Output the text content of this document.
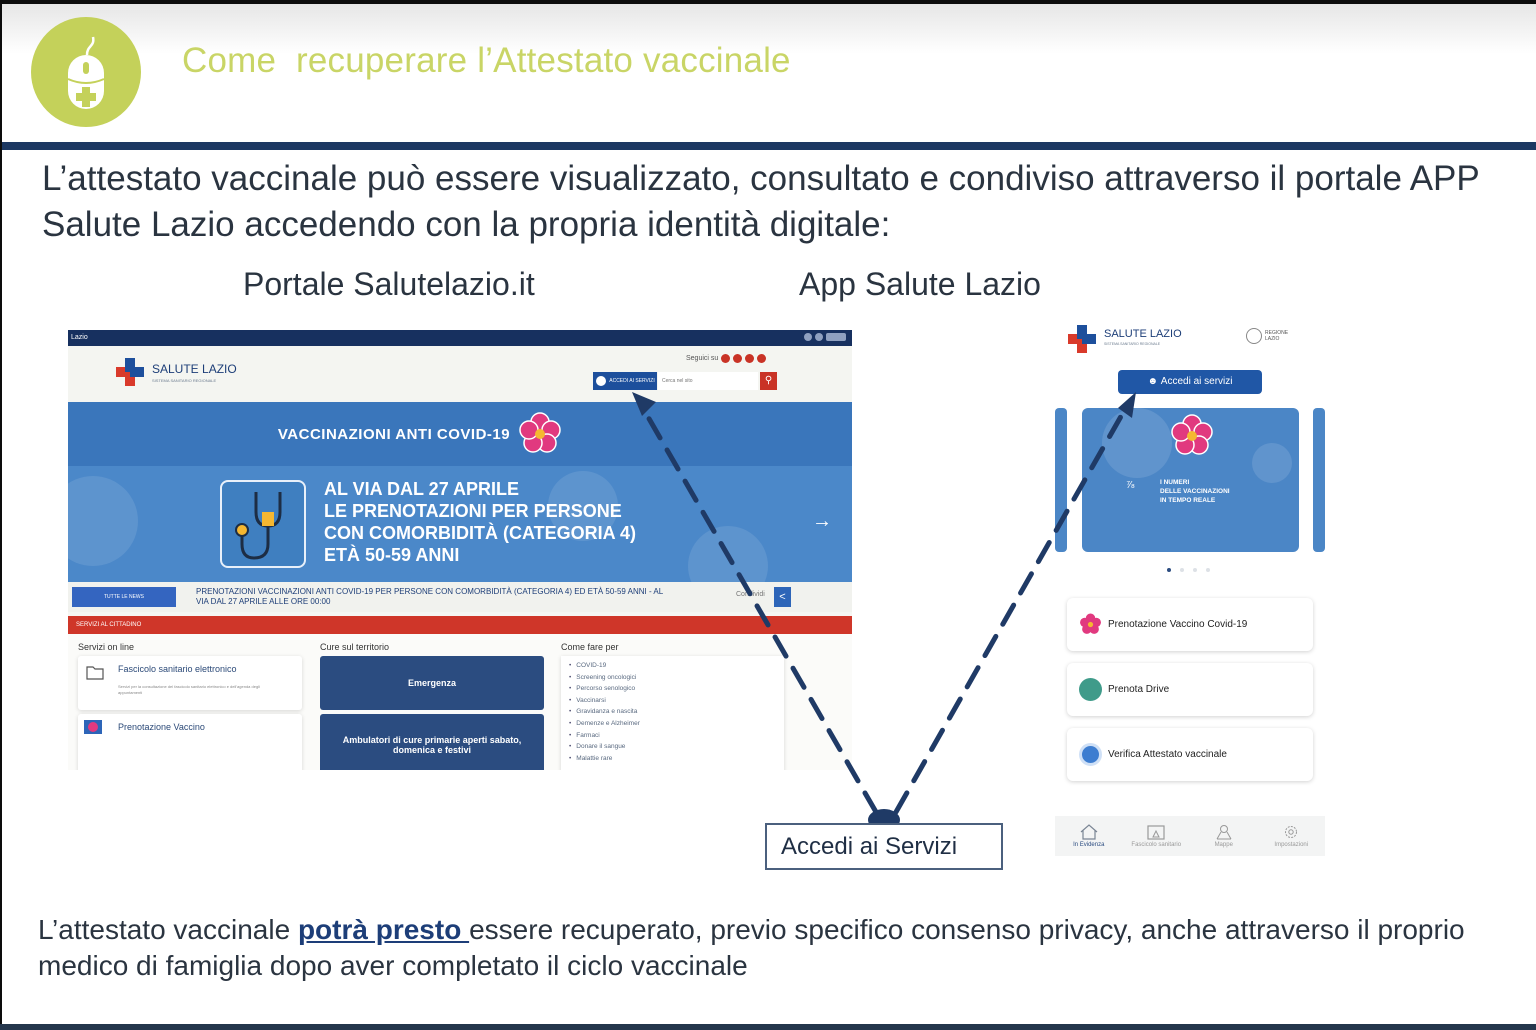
Come  recuperare l’Attestato vaccinale
L’attestato vaccinale può essere visualizzato, consultato e condiviso attraverso il portale APP Salute Lazio accedendo con la propria identità digitale:
Portale Salutelazio.it	App Salute Lazio
Lazio
SALUTE LAZIO
SISTEMA SANITARIO REGIONALE
Seguici su
ACCEDI AI SERVIZI
Cerca nel sito	⚲
VACCINAZIONI ANTI COVID-19
AL VIA DAL 27 APRILE
LE PRENOTAZIONI PER PERSONE
CON COMORBIDITÀ (CATEGORIA 4)
ETÀ 50-59 ANNI
→
TUTTE LE NEWS
PRENOTAZIONI VACCINAZIONI ANTI COVID-19 PER PERSONE CON COMORBIDITÀ (CATEGORIA 4) ED ETÀ 50-59 ANNI - AL VIA DAL 27 APRILE ALLE ORE 00:00
Condividi	<
SERVIZI AL CITTADINO
Servizi on line	Cure sul territorio	Come fare per
Fascicolo sanitario elettronico
Servizi per la consultazione del fascicolo sanitario elettronico e dell'agenda degli appuntamenti
Prenotazione Vaccino
Emergenza
Ambulatori di cure primarie aperti sabato, domenica e festivi
• COVID-19
• Screening oncologici
• Percorso senologico
• Vaccinarsi
• Gravidanza e nascita
• Demenze e Alzheimer
• Farmaci
• Donare il sangue
• Malattie rare
SALUTE LAZIO
SISTEMA SANITARIO REGIONALE
REGIONE LAZIO
☻ Accedi ai servizi
⅞	I NUMERI
DELLE VACCINAZIONI
IN TEMPO REALE
Prenotazione Vaccino Covid-19
Prenota Drive
Verifica Attestato vaccinale
In Evidenza	Fascicolo sanitario	Mappe	Impostazioni
Accedi ai Servizi
L’attestato vaccinale potrà presto essere recuperato, previo specifico consenso privacy, anche attraverso il proprio medico di famiglia dopo aver completato il ciclo vaccinale
